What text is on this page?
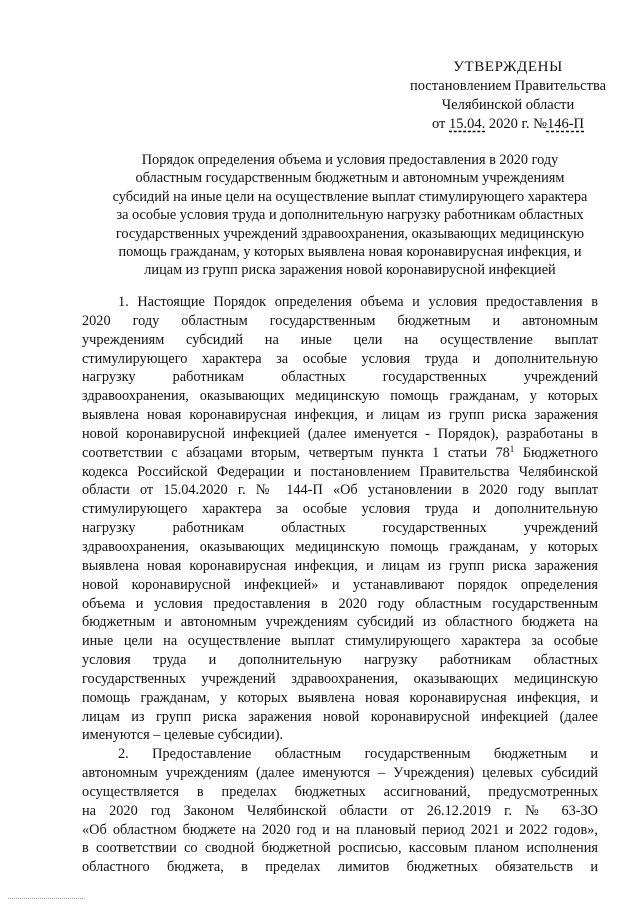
УТВЕРЖДЕНЫ
постановлением Правительства
Челябинской области
от 15.04. 2020 г. №146-П
Порядок определения объема и условия предоставления в 2020 году
областным государственным бюджетным и автономным учреждениям
субсидий на иные цели на осуществление выплат стимулирующего характера
за особые условия труда и дополнительную нагрузку работникам областных
государственных учреждений здравоохранения, оказывающих медицинскую
помощь гражданам, у которых выявлена новая коронавирусная инфекция, и
лицам из групп риска заражения новой коронавирусной инфекцией
1. Настоящие Порядок определения объема и условия предоставления в
2020 году областным государственным бюджетным и автономным
учреждениям субсидий на иные цели на осуществление выплат
стимулирующего характера за особые условия труда и дополнительную
нагрузку работникам областных государственных учреждений
здравоохранения, оказывающих медицинскую помощь гражданам, у которых
выявлена новая коронавирусная инфекция, и лицам из групп риска заражения
новой коронавирусной инфекцией (далее именуется - Порядок), разработаны в
соответствии с абзацами вторым, четвертым пункта 1 статьи $78^1$ Бюджетного
кодекса Российской Федерации и постановлением Правительства Челябинской
области от 15.04.2020 г. № 144-П «Об установлении в 2020 году выплат
стимулирующего характера за особые условия труда и дополнительную
нагрузку работникам областных государственных учреждений
здравоохранения, оказывающих медицинскую помощь гражданам, у которых
выявлена новая коронавирусная инфекция, и лицам из групп риска заражения
новой коронавирусной инфекцией» и устанавливают порядок определения
объема и условия предоставления в 2020 году областным государственным
бюджетным и автономным учреждениям субсидий из областного бюджета на
иные цели на осуществление выплат стимулирующего характера за особые
условия труда и дополнительную нагрузку работникам областных
государственных учреждений здравоохранения, оказывающих медицинскую
помощь гражданам, у которых выявлена новая коронавирусная инфекция, и
лицам из групп риска заражения новой коронавирусной инфекцией (далее
именуются – целевые субсидии).
2. Предоставление областным государственным бюджетным и
автономным учреждениям (далее именуются – Учреждения) целевых субсидий
осуществляется в пределах бюджетных ассигнований, предусмотренных
на 2020 год Законом Челябинской области от 26.12.2019 г. № 63-ЗО
«Об областном бюджете на 2020 год и на плановый период 2021 и 2022 годов»,
в соответствии со сводной бюджетной росписью, кассовым планом исполнения
областного бюджета, в пределах лимитов бюджетных обязательств и
